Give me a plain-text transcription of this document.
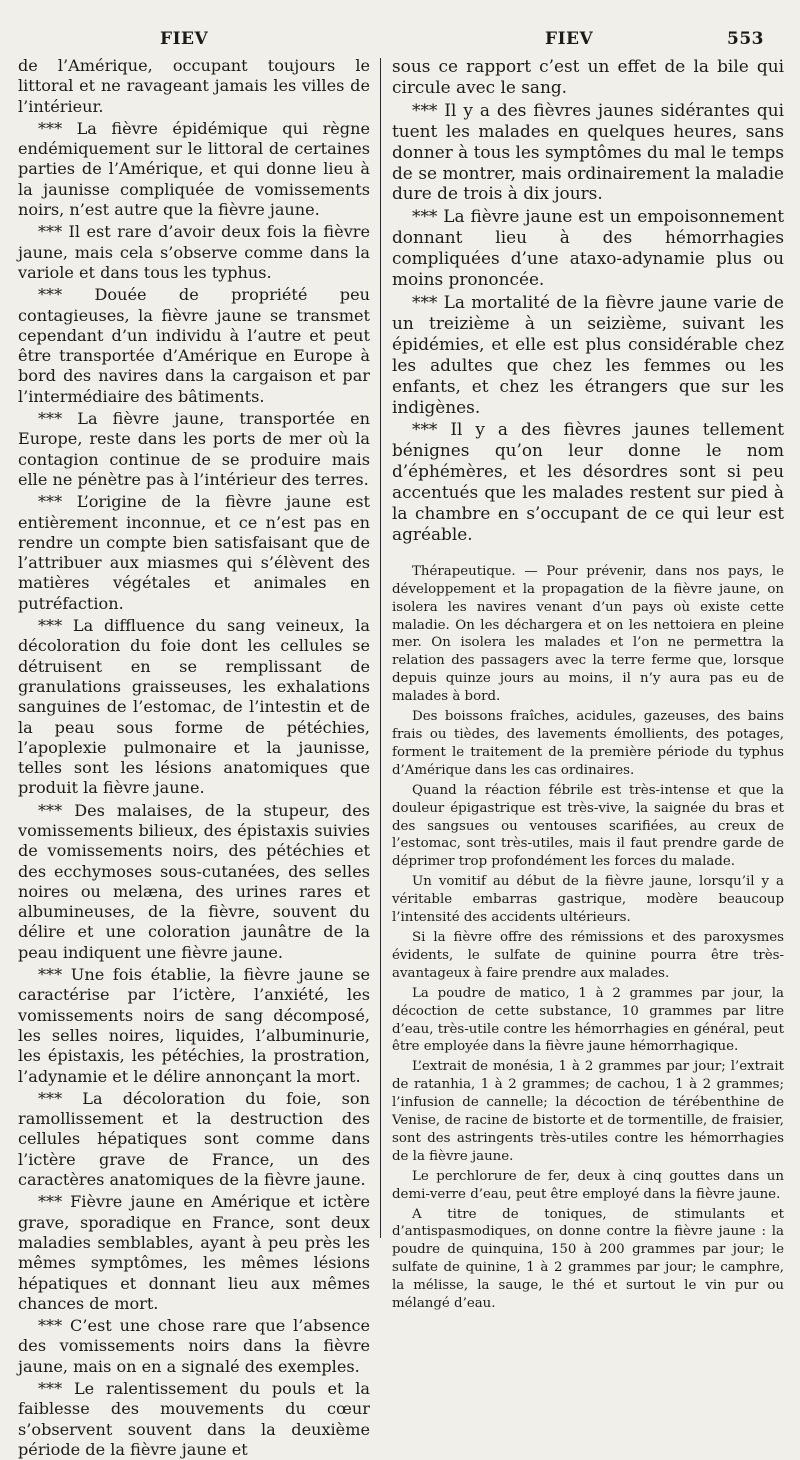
FIEV	FIEV	553

de l’Amérique, occupant toujours le littoral et ne ravageant jamais les villes de l’intérieur.

*** La fièvre épidémique qui règne endémiquement sur le littoral de certaines parties de l’Amérique, et qui donne lieu à la jaunisse compliquée de vomissements noirs, n’est autre que la fièvre jaune.

*** Il est rare d’avoir deux fois la fièvre jaune, mais cela s’observe comme dans la variole et dans tous les typhus.

*** Douée de propriété peu contagieuses, la fièvre jaune se transmet cependant d’un individu à l’autre et peut être transportée d’Amérique en Europe à bord des navires dans la cargaison et par l’intermédiaire des bâtiments.

*** La fièvre jaune, transportée en Europe, reste dans les ports de mer où la contagion continue de se produire mais elle ne pénètre pas à l’intérieur des terres.

*** L’origine de la fièvre jaune est entièrement inconnue, et ce n’est pas en rendre un compte bien satisfaisant que de l’attribuer aux miasmes qui s’élèvent des matières végétales et animales en putréfaction.

*** La diffluence du sang veineux, la décoloration du foie dont les cellules se détruisent en se remplissant de granulations graisseuses, les exhalations sanguines de l’estomac, de l’intestin et de la peau sous forme de pétéchies, l’apoplexie pulmonaire et la jaunisse, telles sont les lésions anatomiques que produit la fièvre jaune.

*** Des malaises, de la stupeur, des vomissements bilieux, des épistaxis suivies de vomissements noirs, des pétéchies et des ecchymoses sous-cutanées, des selles noires ou melæna, des urines rares et albumineuses, de la fièvre, souvent du délire et une coloration jaunâtre de la peau indiquent une fièvre jaune.

*** Une fois établie, la fièvre jaune se caractérise par l’ictère, l’anxiété, les vomissements noirs de sang décomposé, les selles noires, liquides, l’albuminurie, les épistaxis, les pétéchies, la prostration, l’adynamie et le délire annonçant la mort.

*** La décoloration du foie, son ramollissement et la destruction des cellules hépatiques sont comme dans l’ictère grave de France, un des caractères anatomiques de la fièvre jaune.

*** Fièvre jaune en Amérique et ictère grave, sporadique en France, sont deux maladies semblables, ayant à peu près les mêmes symptômes, les mêmes lésions hépatiques et donnant lieu aux mêmes chances de mort.

*** C’est une chose rare que l’absence des vomissements noirs dans la fièvre jaune, mais on en a signalé des exemples.

*** Le ralentissement du pouls et la faiblesse des mouvements du cœur s’observent souvent dans la deuxième période de la fièvre jaune et

sous ce rapport c’est un effet de la bile qui circule avec le sang.

*** Il y a des fièvres jaunes sidérantes qui tuent les malades en quelques heures, sans donner à tous les symptômes du mal le temps de se montrer, mais ordinairement la maladie dure de trois à dix jours.

*** La fièvre jaune est un empoisonnement donnant lieu à des hémorrhagies compliquées d’une ataxo-adynamie plus ou moins prononcée.

*** La mortalité de la fièvre jaune varie de un treizième à un seizième, suivant les épidémies, et elle est plus considérable chez les adultes que chez les femmes ou les enfants, et chez les étrangers que sur les indigènes.

*** Il y a des fièvres jaunes tellement bénignes qu’on leur donne le nom d’éphémères, et les désordres sont si peu accentués que les malades restent sur pied à la chambre en s’occupant de ce qui leur est agréable.

Thérapeutique. — Pour prévenir, dans nos pays, le développement et la propagation de la fièvre jaune, on isolera les navires venant d’un pays où existe cette maladie. On les déchargera et on les nettoiera en pleine mer. On isolera les malades et l’on ne permettra la relation des passagers avec la terre ferme que, lorsque depuis quinze jours au moins, il n’y aura pas eu de malades à bord.

Des boissons fraîches, acidules, gazeuses, des bains frais ou tièdes, des lavements émollients, des potages, forment le traitement de la première période du typhus d’Amérique dans les cas ordinaires.

Quand la réaction fébrile est très-intense et que la douleur épigastrique est très-vive, la saignée du bras et des sangsues ou ventouses scarifiées, au creux de l’estomac, sont très-utiles, mais il faut prendre garde de déprimer trop profondément les forces du malade.

Un vomitif au début de la fièvre jaune, lorsqu’il y a véritable embarras gastrique, modère beaucoup l’intensité des accidents ultérieurs.

Si la fièvre offre des rémissions et des paroxysmes évidents, le sulfate de quinine pourra être très-avantageux à faire prendre aux malades.

La poudre de matico, 1 à 2 grammes par jour, la décoction de cette substance, 10 grammes par litre d’eau, très-utile contre les hémorrhagies en général, peut être employée dans la fièvre jaune hémorrhagique.

L’extrait de monésia, 1 à 2 grammes par jour; l’extrait de ratanhia, 1 à 2 grammes; de cachou, 1 à 2 grammes; l’infusion de cannelle; la décoction de térébenthine de Venise, de racine de bistorte et de tormentille, de fraisier, sont des astringents très-utiles contre les hémorrhagies de la fièvre jaune.

Le perchlorure de fer, deux à cinq gouttes dans un demi-verre d’eau, peut être employé dans la fièvre jaune.

A titre de toniques, de stimulants et d’antispasmodiques, on donne contre la fièvre jaune : la poudre de quinquina, 150 à 200 grammes par jour; le sulfate de quinine, 1 à 2 grammes par jour; le camphre, la mélisse, la sauge, le thé et surtout le vin pur ou mélangé d’eau.
